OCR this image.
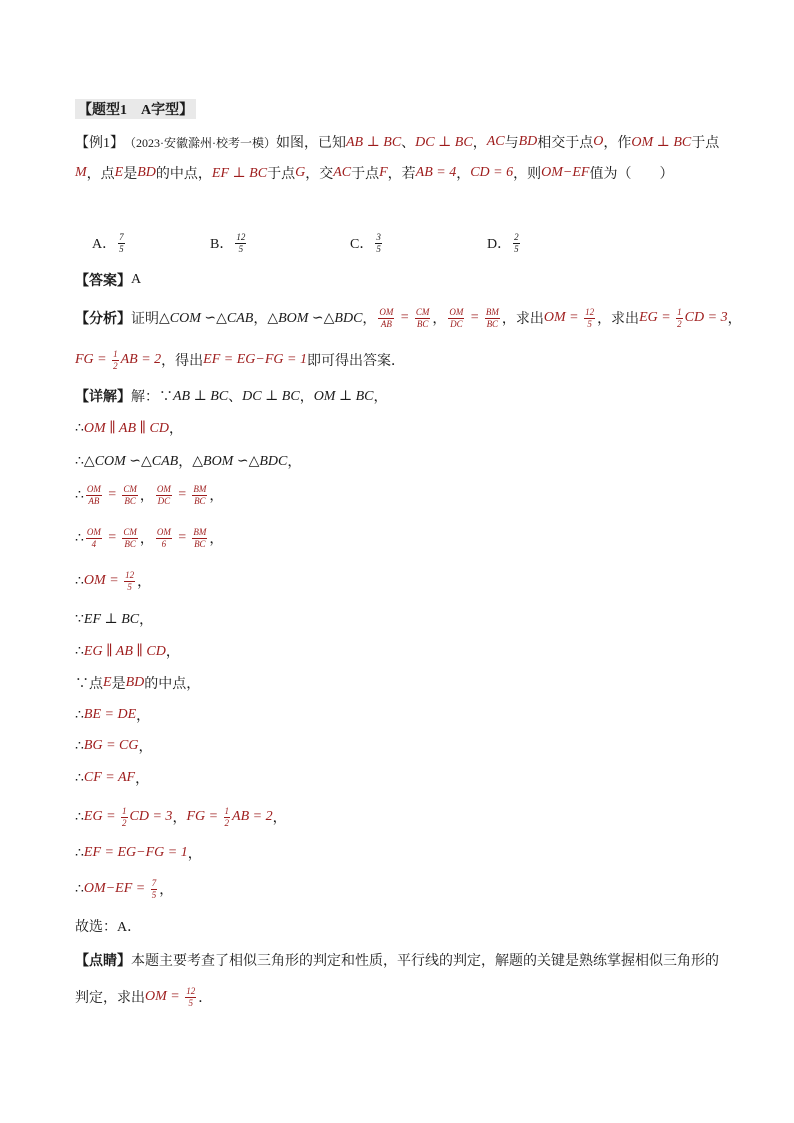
【题型1　A字型】
【例1】 （2023·安徽滁州·校考一模） 如图，已知 AB ⊥ BC 、 DC ⊥ BC ， AC 与 BD 相交于点 O ，作 OM ⊥ BC 于点
M ，点 E 是 BD 的中点， EF ⊥ BC 于点 G ，交 AC 于点 F ，若 AB = 4 ， CD = 6 ，则 OM−EF 值为（　　）
A． $\frac{7}{5}$	B． $\frac{12}{5}$	C． $\frac{3}{5}$	D． $\frac{2}{5}$
【答案】 A
【分析】 证明 △COM ∽△CAB ， △BOM ∽△BDC ， $\frac{OM}{AB} = \frac{CM}{BC}$ ， $\frac{OM}{DC} = \frac{BM}{BC}$ ，求出 OM = $\frac{12}{5}$ ，求出 EG = $\frac{1}{2}$ CD = 3 ，
FG = $\frac{1}{2}$ AB = 2 ，得出 EF = EG−FG = 1 即可得出答案．
【详解】 解：∵ AB ⊥ BC 、 DC ⊥ BC ， OM ⊥ BC ，
∴ OM ∥ AB ∥ CD ，
∴ △COM ∽△CAB ， △BOM ∽△BDC ，
∴ $\frac{OM}{AB} = \frac{CM}{BC}$ ， $\frac{OM}{DC} = \frac{BM}{BC}$ ，
∴ $\frac{OM}{4} = \frac{CM}{BC}$ ， $\frac{OM}{6} = \frac{BM}{BC}$ ，
∴ OM = $\frac{12}{5}$ ，
∵ EF ⊥ BC ，
∴ EG ∥ AB ∥ CD ，
∵点 E 是 BD 的中点，
∴ BE = DE ，
∴ BG = CG ，
∴ CF = AF ，
∴ EG = $\frac{1}{2}$ CD = 3 ， FG = $\frac{1}{2}$ AB = 2 ，
∴ EF = EG−FG = 1 ，
∴ $OM-EF = \frac{7}{5}$ ，
故选：A．
【点睛】 本题主要考查了相似三角形的判定和性质，平行线的判定，解题的关键是熟练掌握相似三角形的
判定，求出 OM = $\frac{12}{5}$ ．
